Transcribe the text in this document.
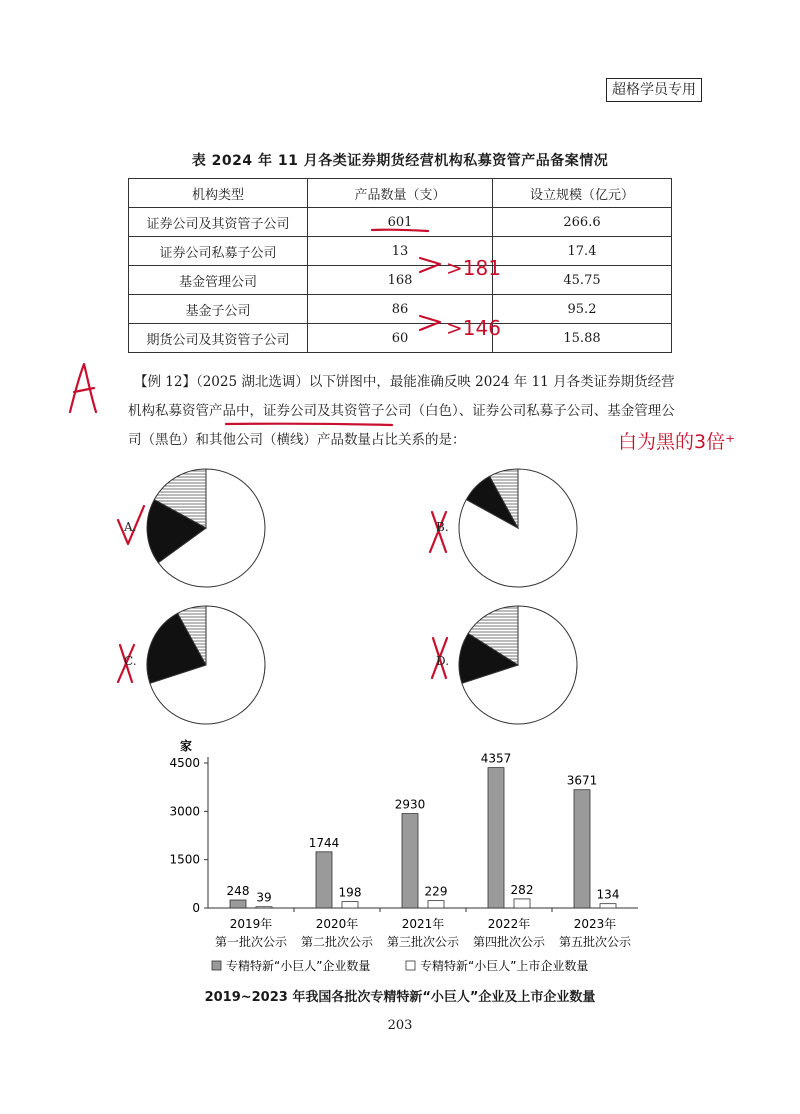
超格学员专用
表 2024 年 11 月各类证券期货经营机构私募资管产品备案情况
机构类型	产品数量（支）	设立规模（亿元）
证券公司及其资管子公司	601	266.6
证券公司私募子公司	13	17.4
基金管理公司	168	45.75
基金子公司	86	95.2
期货公司及其资管子公司	60	15.88
【例 12】（2025 湖北选调）以下饼图中，最能准确反映 2024 年 11 月各类证券期货经营机构私募资管产品中，证券公司及其资管子公司（白色）、证券公司私募子公司、基金管理公司（黑色）和其他公司（横线）产品数量占比关系的是：
>181
>146
白为黑的3倍⁺
A.	B.
C.	D.
家
0
1500
3000
4500
248 39
2019年
第一批次公示
1744
198
2020年
第二批次公示
2930
229
2021年
第三批次公示
4357
282
2022年
第四批次公示
3671
134
2023年
第五批次公示
专精特新“小巨人”企业数量	专精特新“小巨人”上市企业数量
2019~2023 年我国各批次专精特新“小巨人”企业及上市企业数量
203
